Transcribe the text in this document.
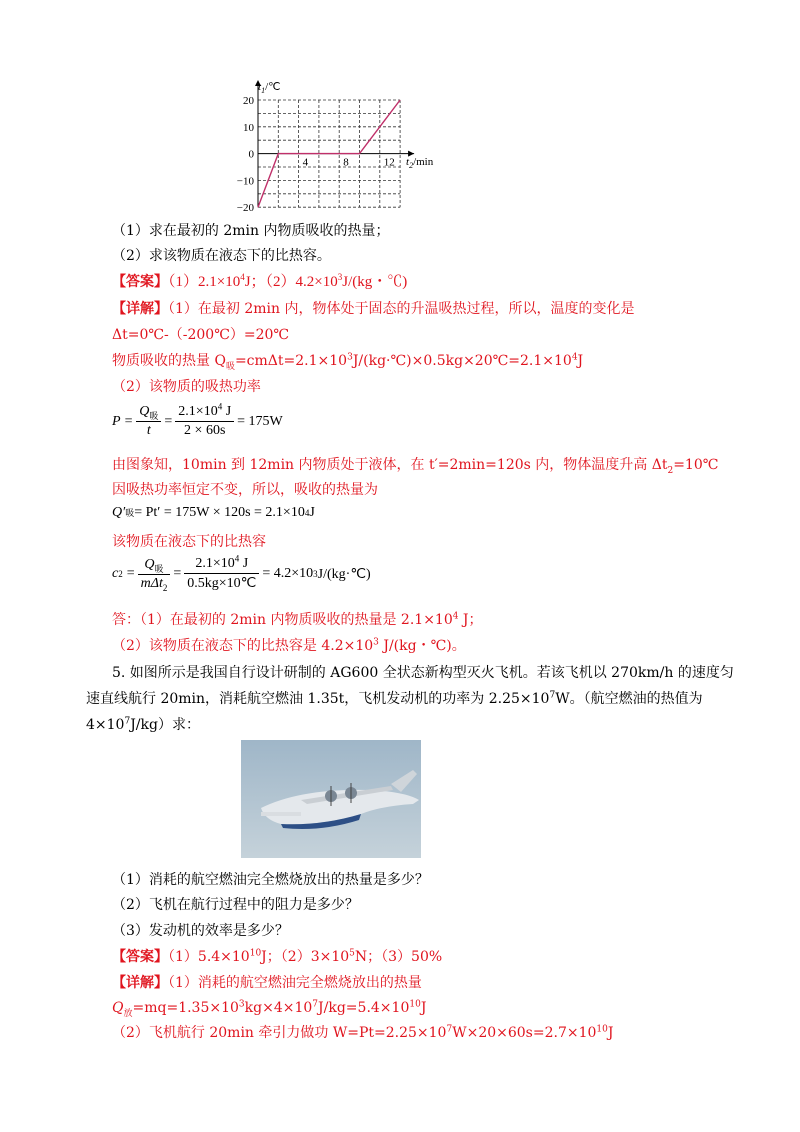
20
10
0
−10
−20
4	8	12
$t_1/℃$
$t_2/\min$
（1）求在最初的 2min 内物质吸收的热量；
（2）求该物质在液态下的比热容。
【答案】$(1)2.1\times 10^4J$；$(2)4.2\times 10^3J/(kg$・℃)
【详解】（1）在最初 2min 内，物体处于固态的升温吸热过程，所以，温度的变化是
Δt=0℃-（-200℃）=20℃
物质吸收的热量 $Q_吸=cm\Delta t=2.1\times 10^3J/(kg\cdot℃)\times 0.5kg\times 20℃=2.1\times 10^4J$
（2）该物质的吸热功率
$P = \frac{Q_吸}{t} = \frac{2.1\times 10^4 J}{2 \times 60s} = 175W$
由图象知，10min 到 12min 内物质处于液体，在 t′=2min=120s 内，物体温度升高 $\Delta t_2=10℃$
因吸热功率恒定不变，所以，吸收的热量为
Q′ 吸 = Pt′ = 175W × 120s = 2.1×10 4 J
该物质在液态下的比热容
c $2 = \frac{Q_吸}{m\Delta t_2} = \frac{2.1\times 10^4 J}{0.5kg\times 10℃} = 4.2\times 10$ 3 J/(kg·℃)
答：（1）在最初的 2min 内物质吸收的热量是 $2.1\times 10^4$ J；
（2）该物质在液态下的比热容是 $4.2\times 10^3$ J/(kg・℃)。
5. 如图所示是我国自行设计研制的 AG600 全状态新构型灭火飞机。若该飞机以 270km/h 的速度匀
速直线航行 20min，消耗航空燃油 1.35t，飞机发动机的功率为 $2.25\times 10^7W$。（航空燃油的热值为
$4\times 10^7J/kg$）求：
（1）消耗的航空燃油完全燃烧放出的热量是多少？
（2）飞机在航行过程中的阻力是多少？
（3）发动机的效率是多少？
【答案】$(1)5.4\times 10^{10}J$；$(2)3\times 10^5N$；（3）50%
【详解】（1）消耗的航空燃油完全燃烧放出的热量
$Q_放=mq=1.35\times 10^3kg\times 4\times 10^7J/kg=5.4\times 10^{10}J$
（2）飞机航行 20min 牵引力做功 $W=Pt=2.25\times 10^7W\times 20\times 60s=2.7\times 10^{10}J$
